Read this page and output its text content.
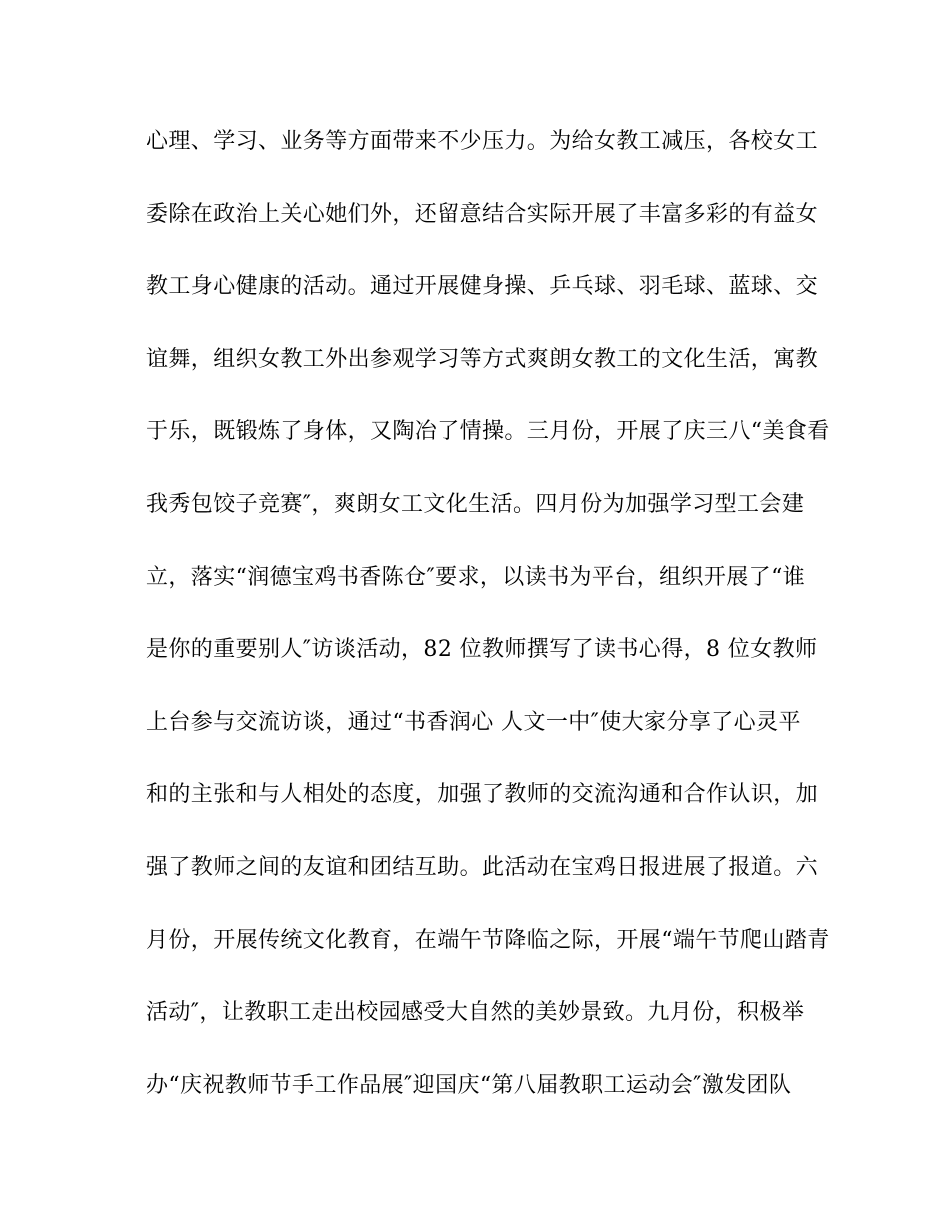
心理、学习、业务等方面带来不少压力。为给女教工减压，各校女工
委除在政治上关心她们外，还留意结合实际开展了丰富多彩的有益女
教工身心健康的活动。通过开展健身操、乒乓球、羽毛球、蓝球、交
谊舞，组织女教工外出参观学习等方式爽朗女教工的文化生活，寓教
于乐，既锻炼了身体，又陶冶了情操。三月份，开展了庆三八“美食看
我秀包饺子竞赛″，爽朗女工文化生活。四月份为加强学习型工会建
立，落实“润德宝鸡书香陈仓″要求，以读书为平台，组织开展了“谁
是你的重要别人″访谈活动，82 位教师撰写了读书心得，8 位女教师
上台参与交流访谈，通过“书香润心 人文一中″使大家分享了心灵平
和的主张和与人相处的态度，加强了教师的交流沟通和合作认识，加
强了教师之间的友谊和团结互助。此活动在宝鸡日报进展了报道。六
月份，开展传统文化教育，在端午节降临之际，开展“端午节爬山踏青
活动″，让教职工走出校园感受大自然的美妙景致。九月份，积极举
办“庆祝教师节手工作品展″迎国庆“第八届教职工运动会″激发团队
